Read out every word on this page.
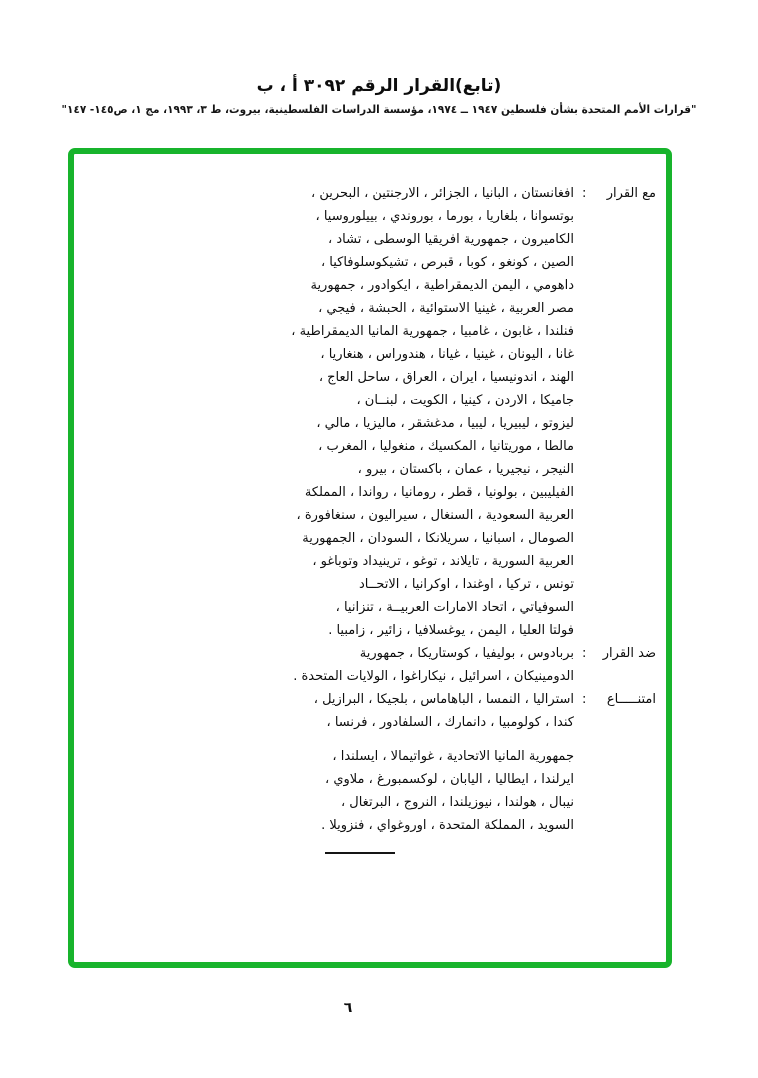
(تابع)القرار الرقم ٣٠٩٢ أ ، ب
"قرارات الأمم المتحدة بشأن فلسطين ١٩٤٧ ــ ١٩٧٤، مؤسسة الدراسات الفلسطينية، بيروت، ط ٣، ١٩٩٣، مج ١، ص١٤٥- ١٤٧"
مع القرار
:
افغانستان ، البانيا ، الجزائر ، الارجنتين ، البحرين ،
بوتسوانا ، بلغاريا ، بورما ، بوروندي ، بييلوروسيا ،
الكاميرون ، جمهورية افريقيا الوسطى ، تشاد ،
الصين ، كونغو ، كوبا ، قبرص ، تشيكوسلوفاكيا ،
داهومي ، اليمن الديمقراطية ، ايكوادور ، جمهورية
مصر العربية ، غينيا الاستوائية ، الحبشة ، فيجي ،
فنلندا ، غابون ، غامبيا ، جمهورية المانيا الديمقراطية ،
غانا ، اليونان ، غينيا ، غيانا ، هندوراس ، هنغاريا ،
الهند ، اندونيسيا ، ايران ، العراق ، ساحل العاج ،
جاميكا ، الاردن ، كينيا ، الكويت ، لبنــان ،
ليزوتو ، ليبيريا ، ليبيا ، مدغشقر ، ماليزيا ، مالي ،
مالطا ، موريتانيا ، المكسيك ، منغوليا ، المغرب ،
النيجر ، نيجيريا ، عمان ، باكستان ، بيرو ،
الفيليبين ، بولونيا ، قطر ، رومانيا ، رواندا ، المملكة
العربية السعودية ، السنغال ، سيراليون ، سنغافورة ،
الصومال ، اسبانيا ، سريلانكا ، السودان ، الجمهورية
العربية السورية ، تايلاند ، توغو ، ترينيداد وتوباغو ،
تونس ، تركيا ، اوغندا ، اوكرانيا ، الاتحــاد
السوفياتي ، اتحاد الامارات العربيــة ، تنزانيا ،
فولتا العليا ، اليمن ، يوغسلافيا ، زائير ، زامبيا .
ضد القرار
:
بربادوس ، بوليفيا ، كوستاريكا ، جمهورية
الدومينيكان ، اسرائيل ، نيكاراغوا ، الولايات المتحدة .
امتنـــــاع
:
استراليا ، النمسا ، الباهاماس ، بلجيكا ، البرازيل ،
كندا ، كولومبيا ، دانمارك ، السلفادور ، فرنسا ،
جمهورية المانيا الاتحادية ، غواتيمالا ، ايسلندا ،
ايرلندا ، ايطاليا ، اليابان ، لوكسمبورغ ، ملاوي ،
نيبال ، هولندا ، نيوزيلندا ، النروج ، البرتغال ،
السويد ، المملكة المتحدة ، اوروغواي ، فنزويلا .
٦
